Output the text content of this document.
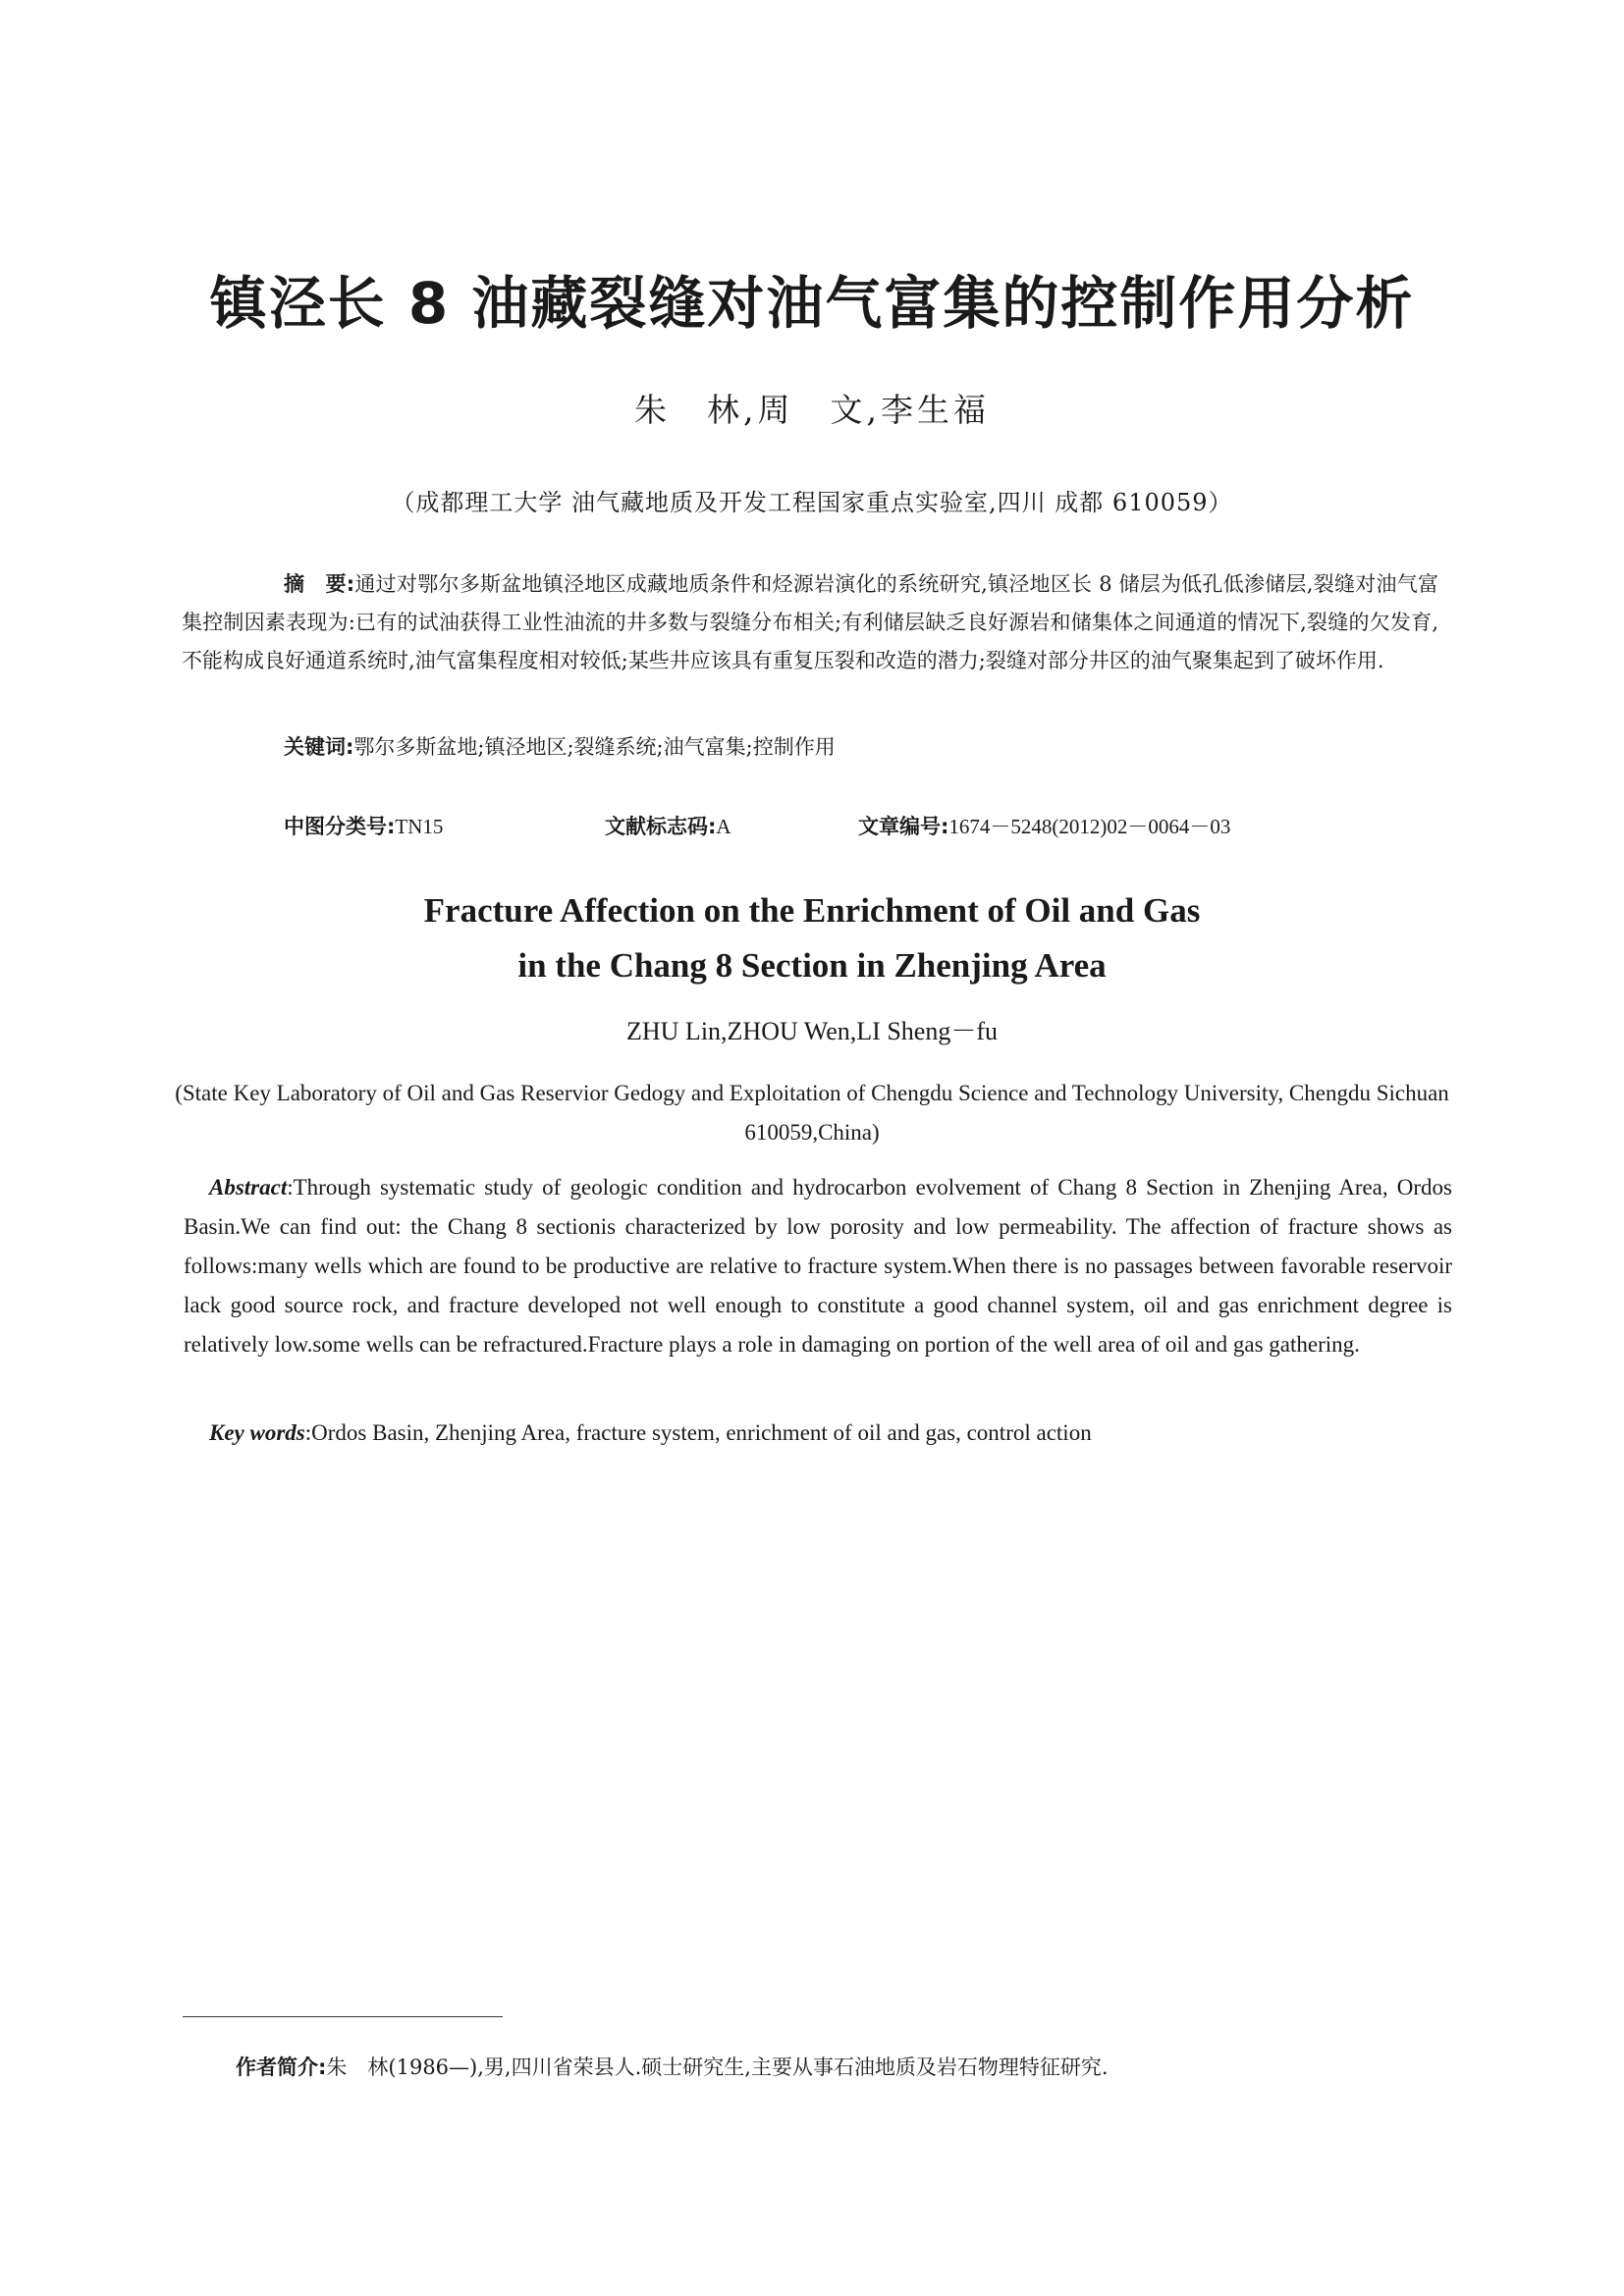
镇泾长 8 油藏裂缝对油气富集的控制作用分析
朱　林,周　文,李生福
（成都理工大学 油气藏地质及开发工程国家重点实验室,四川 成都 610059）
摘　要:通过对鄂尔多斯盆地镇泾地区成藏地质条件和烃源岩演化的系统研究,镇泾地区长 8 储层为低孔低渗储层,裂缝对油气富集控制因素表现为:已有的试油获得工业性油流的井多数与裂缝分布相关;有利储层缺乏良好源岩和储集体之间通道的情况下,裂缝的欠发育,不能构成良好通道系统时,油气富集程度相对较低;某些井应该具有重复压裂和改造的潜力;裂缝对部分井区的油气聚集起到了破坏作用.
关键词:鄂尔多斯盆地;镇泾地区;裂缝系统;油气富集;控制作用
中图分类号:TN15	文献标志码:A	文章编号:1674－5248(2012)02－0064－03
Fracture Affection on the Enrichment of Oil and Gas
in the Chang 8 Section in Zhenjing Area
ZHU Lin,ZHOU Wen,LI Sheng－fu
(State Key Laboratory of Oil and Gas Reservior Gedogy and Exploitation of Chengdu Science and Technology University, Chengdu Sichuan 610059,China)
Abstract:Through systematic study of geologic condition and hydrocarbon evolvement of Chang 8 Section in Zhenjing Area, Ordos Basin.We can find out: the Chang 8 sectionis characterized by low porosity and low permeability. The affection of fracture shows as follows:many wells which are found to be productive are relative to fracture system.When there is no passages between favorable reservoir lack good source rock, and fracture developed not well enough to constitute a good channel system, oil and gas enrichment degree is relatively low.some wells can be refractured.Fracture plays a role in damaging on portion of the well area of oil and gas gathering.
Key words:Ordos Basin, Zhenjing Area, fracture system, enrichment of oil and gas, control action
作者简介:朱　林(1986—),男,四川省荣县人.硕士研究生,主要从事石油地质及岩石物理特征研究.
